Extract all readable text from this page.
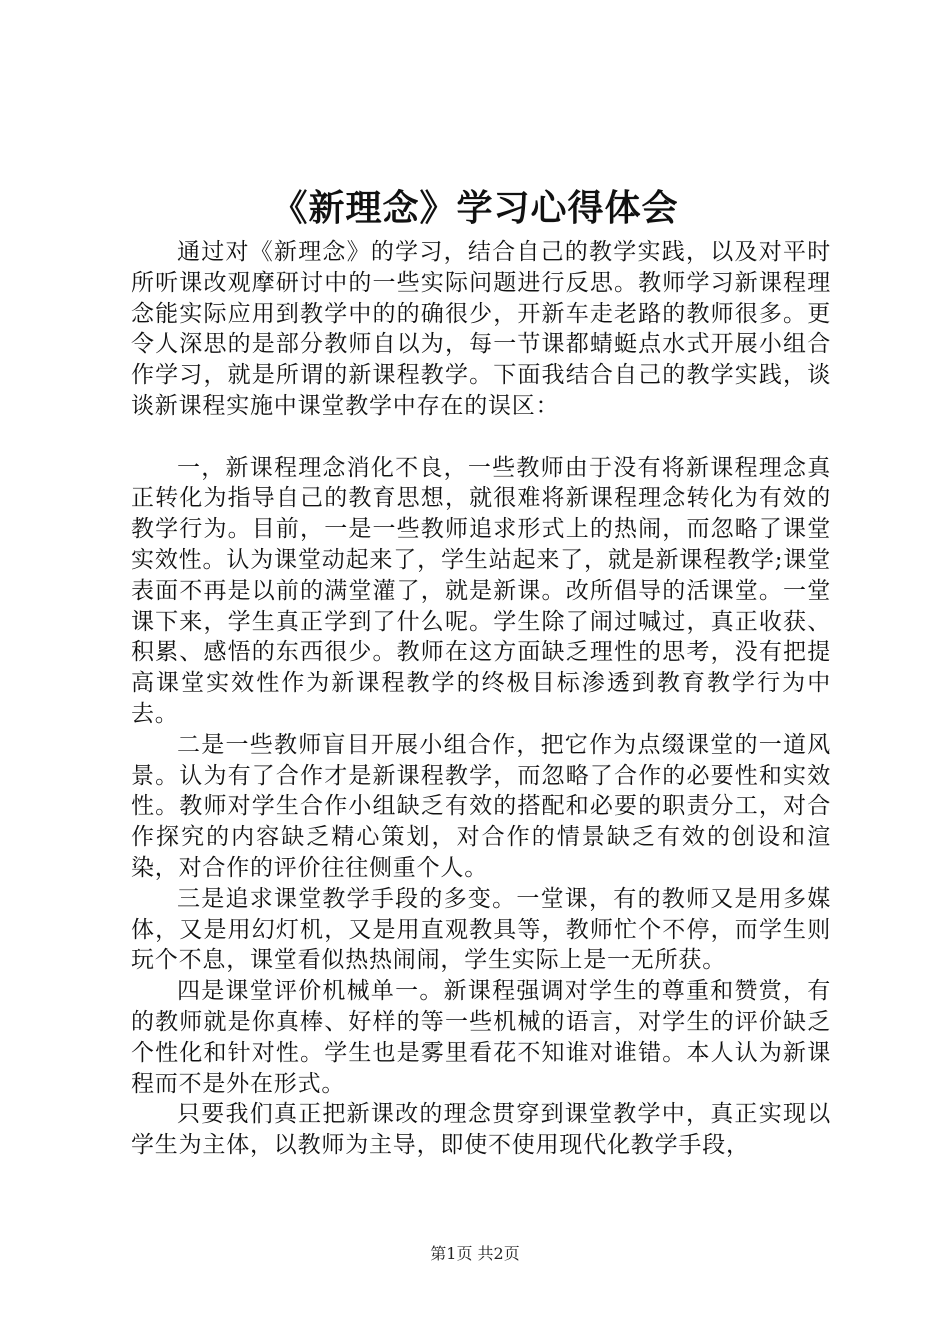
《新理念》学习心得体会

通过对《新理念》的学习，结合自己的教学实践，以及对平时所听课改观摩研讨中的一些实际问题进行反思。教师学习新课程理念能实际应用到教学中的的确很少，开新车走老路的教师很多。更令人深思的是部分教师自以为，每一节课都蜻蜓点水式开展小组合作学习，就是所谓的新课程教学。下面我结合自己的教学实践，谈谈新课程实施中课堂教学中存在的误区：

一，新课程理念消化不良，一些教师由于没有将新课程理念真正转化为指导自己的教育思想，就很难将新课程理念转化为有效的教学行为。目前，一是一些教师追求形式上的热闹，而忽略了课堂实效性。认为课堂动起来了，学生站起来了，就是新课程教学;课堂表面不再是以前的满堂灌了，就是新课。改所倡导的活课堂。一堂课下来，学生真正学到了什么呢。学生除了闹过喊过，真正收获、积累、感悟的东西很少。教师在这方面缺乏理性的思考，没有把提高课堂实效性作为新课程教学的终极目标渗透到教育教学行为中去。

二是一些教师盲目开展小组合作，把它作为点缀课堂的一道风景。认为有了合作才是新课程教学，而忽略了合作的必要性和实效性。教师对学生合作小组缺乏有效的搭配和必要的职责分工，对合作探究的内容缺乏精心策划，对合作的情景缺乏有效的创设和渲染，对合作的评价往往侧重个人。

三是追求课堂教学手段的多变。一堂课，有的教师又是用多媒体，又是用幻灯机，又是用直观教具等，教师忙个不停，而学生则玩个不息，课堂看似热热闹闹，学生实际上是一无所获。

四是课堂评价机械单一。新课程强调对学生的尊重和赞赏，有的教师就是你真棒、好样的等一些机械的语言，对学生的评价缺乏个性化和针对性。学生也是雾里看花不知谁对谁错。本人认为新课程而不是外在形式。

只要我们真正把新课改的理念贯穿到课堂教学中，真正实现以学生为主体，以教师为主导，即使不使用现代化教学手段，

第1页 共2页
